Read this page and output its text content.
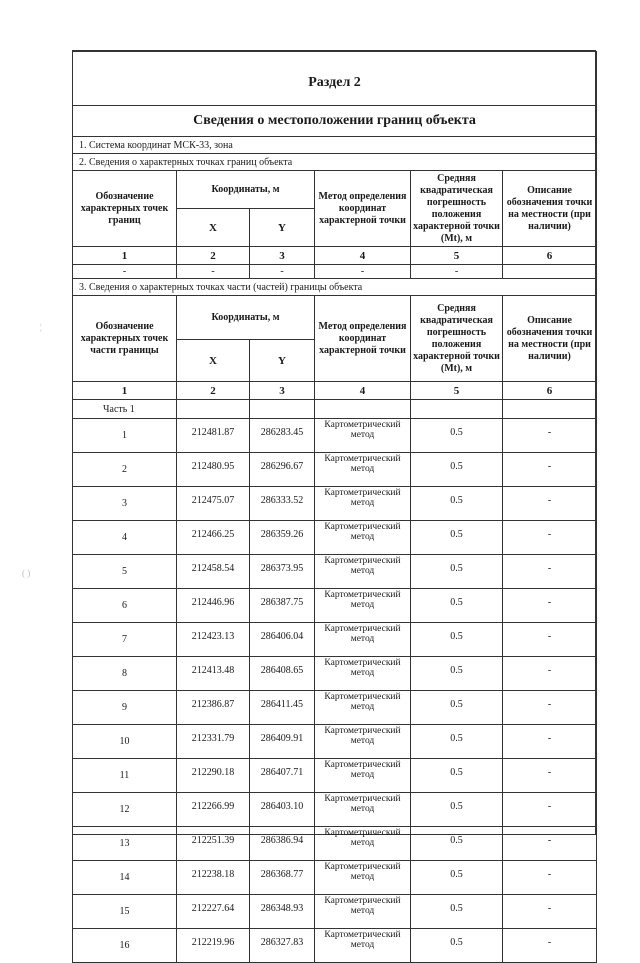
¦
( )
Раздел 2					
Сведения о местоположении границ объекта					
1. Система координат МСК-33, зона					
2. Сведения о характерных точках границ объекта					
Обозначение характерных точек границ	Координаты, м		Метод определения координат характерной точки	Средняя квадратическая погрешность положения характерной точки (Mt), м	Описание обозначения точки на местности (при наличии)
	X	Y			
1	2	3	4	5	6
-	-	-	-	-	
3. Сведения о характерных точках части (частей) границы объекта					
Обозначение характерных точек части границы	Координаты, м		Метод определения координат характерной точки	Средняя квадратическая погрешность положения характерной точки (Mt), м	Описание обозначения точки на местности (при наличии)
	X	Y			
1	2	3	4	5	6
Часть 1					
1	212481.87	286283.45	Картометрический метод	0.5	-
2	212480.95	286296.67	Картометрический метод	0.5	-
3	212475.07	286333.52	Картометрический метод	0.5	-
4	212466.25	286359.26	Картометрический метод	0.5	-
5	212458.54	286373.95	Картометрический метод	0.5	-
6	212446.96	286387.75	Картометрический метод	0.5	-
7	212423.13	286406.04	Картометрический метод	0.5	-
8	212413.48	286408.65	Картометрический метод	0.5	-
9	212386.87	286411.45	Картометрический метод	0.5	-
10	212331.79	286409.91	Картометрический метод	0.5	-
11	212290.18	286407.71	Картометрический метод	0.5	-
12	212266.99	286403.10	Картометрический метод	0.5	-
13	212251.39	286386.94	Картометрический метод	0.5	-
14	212238.18	286368.77	Картометрический метод	0.5	-
15	212227.64	286348.93	Картометрический метод	0.5	-
16	212219.96	286327.83	Картометрический метод	0.5	-
